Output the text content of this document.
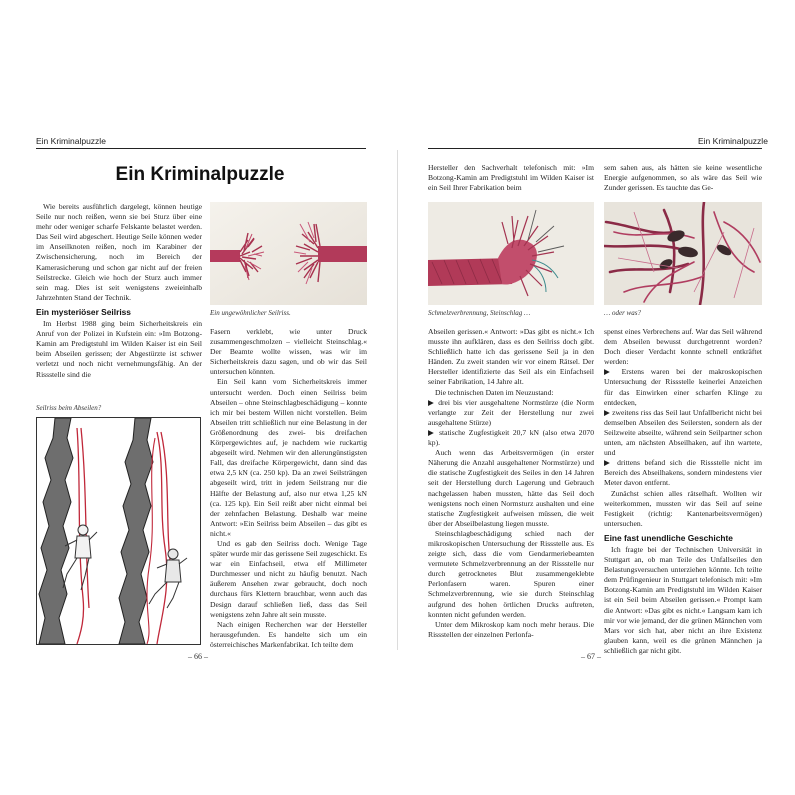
Ein Kriminalpuzzle
Ein Kriminalpuzzle

Wie bereits ausführlich dargelegt, können heutige Seile nur noch reißen, wenn sie bei Sturz über eine mehr oder weniger scharfe Felskante belastet werden. Das Seil wird abgeschert. Heutige Seile können weder im Anseilknoten reißen, noch im Karabiner der Zwischensicherung, noch im Bereich der Kamerasicherung und schon gar nicht auf der freien Seilstrecke. Gleich wie hoch der Sturz auch immer sein mag. Dies ist seit wenigstens zweieinhalb Jahrzehnten Stand der Technik.

Ein mysteriöser Seilriss

Im Herbst 1988 ging beim Sicherheitskreis ein Anruf von der Polizei in Kufstein ein: »Im Botzong-Kamin am Predigtstuhl im Wilden Kaiser ist ein Seil beim Abseilen gerissen; der Abgestürzte ist schwer verletzt und noch nicht vernehmungsfähig. An der Rissstelle sind die

Ein ungewöhnlicher Seilriss.
Seilriss beim Abseilen?

Fasern verklebt, wie unter Druck zusammengeschmolzen – vielleicht Steinschlag.« Der Beamte wollte wissen, was wir im Sicherheitskreis dazu sagen, und ob wir das Seil untersuchen könnten.

Ein Seil kann vom Sicherheitskreis immer untersucht werden. Doch einen Seilriss beim Abseilen – ohne Steinschlagbeschädigung – konnte ich mir bei bestem Willen nicht vorstellen. Beim Abseilen tritt schließlich nur eine Belastung in der Größenordnung des zwei- bis dreifachen Körpergewichtes auf, je nachdem wie ruckartig abgeseilt wird. Nehmen wir den allerungünstigsten Fall, das dreifache Körpergewicht, dann sind das etwa 2,5 kN (ca. 250 kp). Da an zwei Seilsträngen abgeseilt wird, tritt in jedem Seilstrang nur die Hälfte der Belastung auf, also nur etwa 1,25 kN (ca. 125 kp). Ein Seil reißt aber nicht einmal bei der zehnfachen Belastung. Deshalb war meine Antwort: »Ein Seilriss beim Abseilen – das gibt es nicht.«

Und es gab den Seilriss doch. Wenige Tage später wurde mir das gerissene Seil zugeschickt. Es war ein Einfachseil, etwa elf Millimeter Durchmesser und nicht zu häufig benutzt. Nach äußerem Ansehen zwar gebraucht, doch noch durchaus fürs Klettern brauchbar, wenn auch das Design darauf schließen ließ, dass das Seil wenigstens zehn Jahre alt sein musste.

Nach einigen Recherchen war der Hersteller herausgefunden. Es handelte sich um ein österreichisches Markenfabrikat. Ich teilte dem

– 66 –
Ein Kriminalpuzzle

Hersteller den Sachverhalt telefonisch mit: »Im Botzong-Kamin am Predigtstuhl im Wilden Kaiser ist ein Seil Ihrer Fabrikation beim

sem sahen aus, als hätten sie keine wesentliche Energie aufgenommen, so als wäre das Seil wie Zunder gerissen. Es tauchte das Ge-

Schmelzverbrennung, Steinschlag …	… oder was?

Abseilen gerissen.« Antwort: »Das gibt es nicht.« Ich musste ihn aufklären, dass es den Seilriss doch gibt. Schließlich hatte ich das gerissene Seil ja in den Händen. Zu zweit standen wir vor einem Rätsel. Der Hersteller identifizierte das Seil als ein Einfachseil seiner Fabrikation, 14 Jahre alt.

Die technischen Daten im Neuzustand:

▶ drei bis vier ausgehaltene Normstürze (die Norm verlangte zur Zeit der Herstellung nur zwei ausgehaltene Stürze)

▶ statische Zugfestigkeit 20,7 kN (also etwa 2070 kp).

Auch wenn das Arbeitsvermögen (in erster Näherung die Anzahl ausgehaltener Normstürze) und die statische Zugfestigkeit des Seiles in den 14 Jahren seit der Herstellung durch Lagerung und Gebrauch nachgelassen haben mussten, hätte das Seil doch wenigstens noch einen Normsturz aushalten und eine statische Zugfestigkeit aufweisen müssen, die weit über der Abseilbelastung liegen musste.

Steinschlagbeschädigung schied nach der mikroskopischen Untersuchung der Rissstelle aus. Es zeigte sich, dass die vom Gendarmeriebeamten vermutete Schmelzverbrennung an der Rissstelle nur durch getrocknetes Blut zusammengeklebte Perlonfasern waren. Spuren einer Schmelzverbrennung, wie sie durch Steinschlag aufgrund des hohen örtlichen Drucks auftreten, konnten nicht gefunden werden.

Unter dem Mikroskop kam noch mehr heraus. Die Rissstellen der einzelnen Perlonfa-

spenst eines Verbrechens auf. War das Seil während dem Abseilen bewusst durchgetrennt worden? Doch dieser Verdacht konnte schnell entkräftet werden:

▶ Erstens waren bei der makroskopischen Untersuchung der Rissstelle keinerlei Anzeichen für das Einwirken einer scharfen Klinge zu entdecken,

▶ zweitens riss das Seil laut Unfallbericht nicht bei demselben Abseilen des Seilersten, sondern als der Seilzweite abseilte, während sein Seilpartner schon unten, am nächsten Abseilhaken, auf ihn wartete, und

▶ drittens befand sich die Rissstelle nicht im Bereich des Abseilhakens, sondern mindestens vier Meter davon entfernt.

Zunächst schien alles rätselhaft. Wollten wir weiterkommen, mussten wir das Seil auf seine Festigkeit (richtig: Kantenarbeitsvermögen) untersuchen.

Eine fast unendliche Geschichte

Ich fragte bei der Technischen Universität in Stuttgart an, ob man Teile des Unfallseiles den Belastungsversuchen unterziehen könnte. Ich teilte dem Prüfingenieur in Stuttgart telefonisch mit: »Im Botzong-Kamin am Predigtstuhl im Wilden Kaiser ist ein Seil beim Abseilen gerissen.« Prompt kam die Antwort: »Das gibt es nicht.« Langsam kam ich mir vor wie jemand, der die grünen Männchen vom Mars vor sich hat, aber nicht an ihre Existenz glauben kann, weil es die grünen Männchen ja schließlich gar nicht gibt.

– 67 –
